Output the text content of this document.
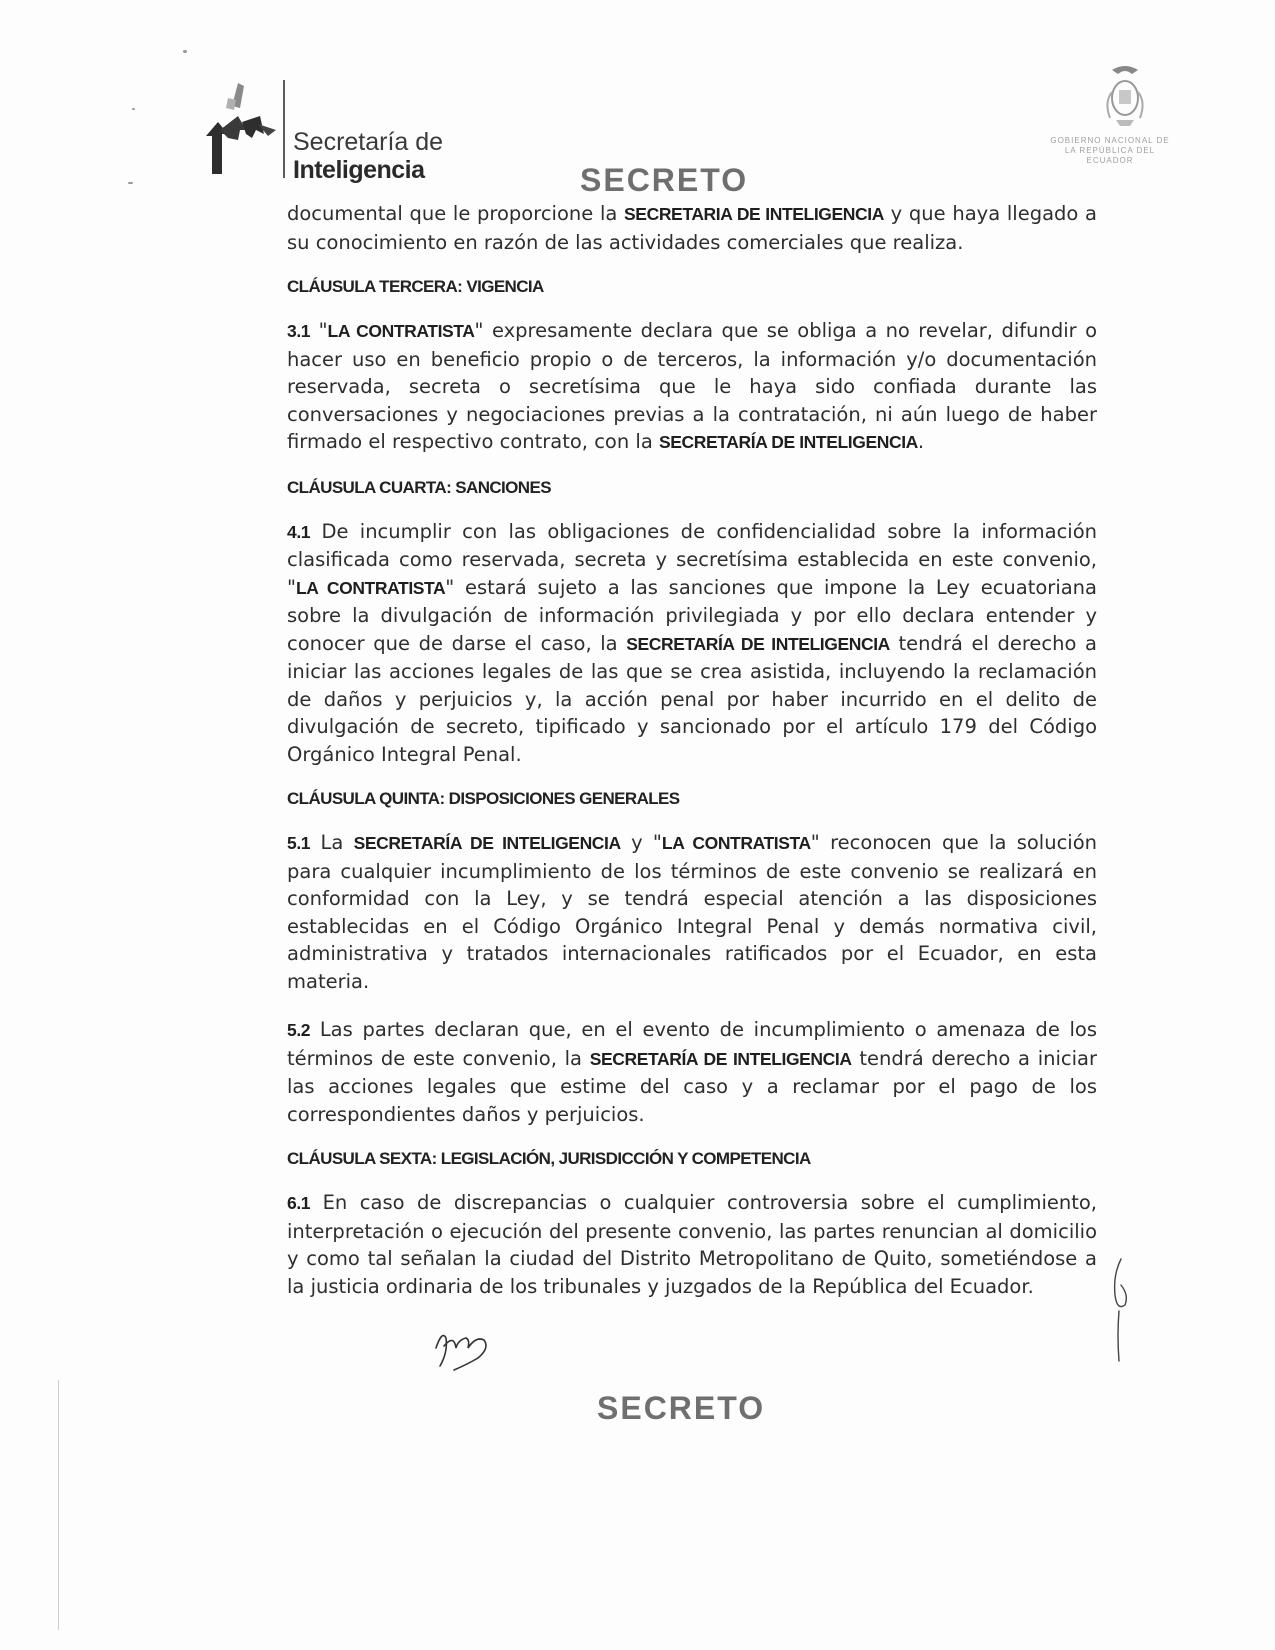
Secretaría de
Inteligencia
GOBIERNO NACIONAL DE
LA REPÚBLICA DEL ECUADOR
SECRETO

documental que le proporcione la SECRETARIA DE INTELIGENCIA y que haya llegado a su conocimiento en razón de las actividades comerciales que realiza.

CLÁUSULA TERCERA: VIGENCIA

3.1 "LA CONTRATISTA" expresamente declara que se obliga a no revelar, difundir o hacer uso en beneficio propio o de terceros, la información y/o documentación reservada, secreta o secretísima que le haya sido confiada durante las conversaciones y negociaciones previas a la contratación, ni aún luego de haber firmado el respectivo contrato, con la SECRETARÍA DE INTELIGENCIA.

CLÁUSULA CUARTA: SANCIONES

4.1 De incumplir con las obligaciones de confidencialidad sobre la información clasificada como reservada, secreta y secretísima establecida en este convenio, "LA CONTRATISTA" estará sujeto a las sanciones que impone la Ley ecuatoriana sobre la divulgación de información privilegiada y por ello declara entender y conocer que de darse el caso, la SECRETARÍA DE INTELIGENCIA tendrá el derecho a iniciar las acciones legales de las que se crea asistida, incluyendo la reclamación de daños y perjuicios y, la acción penal por haber incurrido en el delito de divulgación de secreto, tipificado y sancionado por el artículo 179 del Código Orgánico Integral Penal.

CLÁUSULA QUINTA: DISPOSICIONES GENERALES

5.1 La SECRETARÍA DE INTELIGENCIA y "LA CONTRATISTA" reconocen que la solución para cualquier incumplimiento de los términos de este convenio se realizará en conformidad con la Ley, y se tendrá especial atención a las disposiciones establecidas en el Código Orgánico Integral Penal y demás normativa civil, administrativa y tratados internacionales ratificados por el Ecuador, en esta materia.

5.2 Las partes declaran que, en el evento de incumplimiento o amenaza de los términos de este convenio, la SECRETARÍA DE INTELIGENCIA tendrá derecho a iniciar las acciones legales que estime del caso y a reclamar por el pago de los correspondientes daños y perjuicios.

CLÁUSULA SEXTA: LEGISLACIÓN, JURISDICCIÓN Y COMPETENCIA

6.1 En caso de discrepancias o cualquier controversia sobre el cumplimiento, interpretación o ejecución del presente convenio, las partes renuncian al domicilio y como tal señalan la ciudad del Distrito Metropolitano de Quito, sometiéndose a la justicia ordinaria de los tribunales y juzgados de la República del Ecuador.

SECRETO
